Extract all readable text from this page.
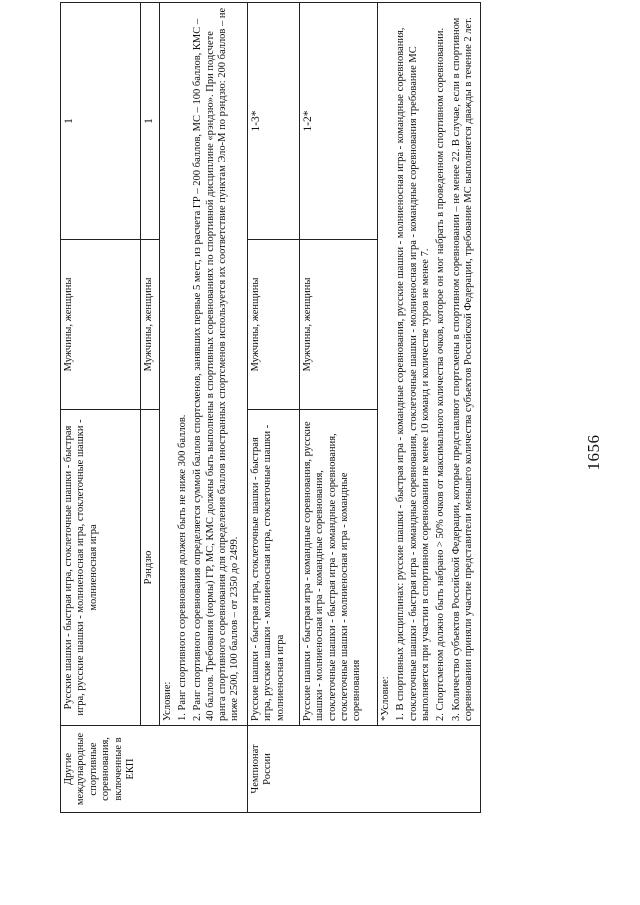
1656
Другие международные спортивные соревнования, включенные в ЕКП	Русские шашки - быстрая игра, стоклеточные шашки - быстрая игра, русские шашки - молниеносная игра, стоклеточные шашки - молниеносная игра	Мужчины, женщины	1
	Рэндзю	Мужчины, женщины	1

	Условие: 1. Ранг спортивного соревнования должен быть не ниже 300 баллов. 2. Ранг спортивного соревнования определяется суммой баллов спортсменов, занявших первые 5 мест, из расчета ГР – 200 баллов, МС – 100 баллов, КМС – 40 баллов. Требования (нормы) ГР, МС, КМС должны быть выполнены в спортивных соревнованиях по спортивной дисциплине «рэндзю». При подсчете ранга спортивного соревнования для определения баллов иностранных спортсменов используется их соответствие пунктам Эло-М по рэндзю: 200 баллов – не ниже 2500, 100 баллов – от 2350 до 2499.		

Чемпионат России	Русские шашки - быстрая игра, стоклеточные шашки - быстрая игра, русские шашки - молниеносная игра, стоклеточные шашки - молниеносная игра	Мужчины, женщины	1-3*
	Русские шашки - быстрая игра - командные соревнования, русские шашки - молниеносная игра - командные соревнования, стоклеточные шашки - быстрая игра - командные соревнования, стоклеточные шашки - молниеносная игра - командные соревнования	Мужчины, женщины	1-2*

	*Условие: 1. В спортивных дисциплинах: русские шашки - быстрая игра - командные соревнования, русские шашки - молниеносная игра - командные соревнования, стоклеточные шашки - быстрая игра - командные соревнования, стоклеточные шашки - молниеносная игра - командные соревнования требование МС выполняется при участии в спортивном соревновании не менее 10 команд и количестве туров не менее 7. 2. Спортсменом должно быть набрано > 50% очков от максимального количества очков, которое он мог набрать в проведенном спортивном соревновании. 3. Количество субъектов Российской Федерации, которые представляют спортсмены в спортивном соревновании – не менее 22. В случае, если в спортивном соревновании приняли участие представители меньшего количества субъектов Российской Федерации, требование МС выполняется дважды в течение 2 лет.		
